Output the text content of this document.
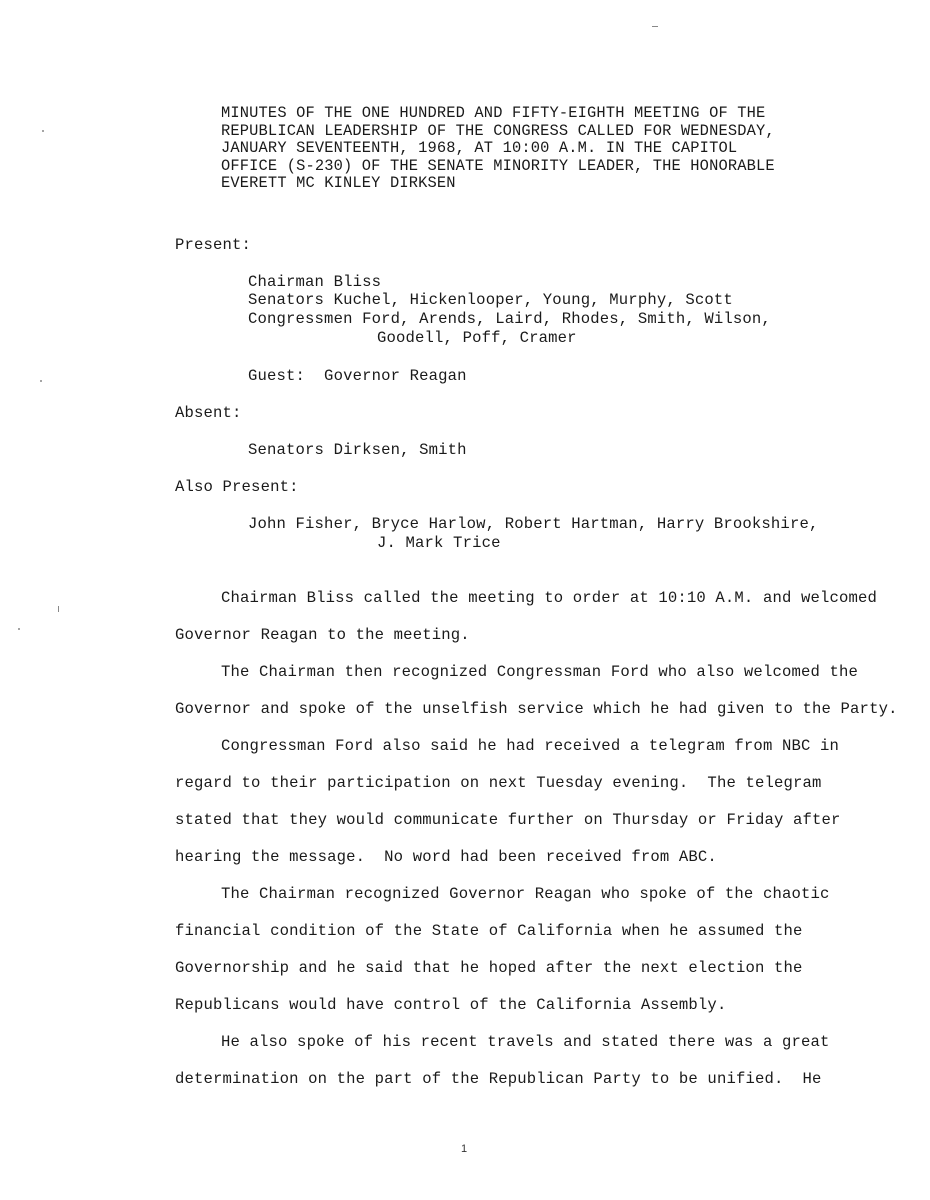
MINUTES OF THE ONE HUNDRED AND FIFTY-EIGHTH MEETING OF THE
REPUBLICAN LEADERSHIP OF THE CONGRESS CALLED FOR WEDNESDAY,
JANUARY SEVENTEENTH, 1968, AT 10:00 A.M. IN THE CAPITOL
OFFICE (S-230) OF THE SENATE MINORITY LEADER, THE HONORABLE
EVERETT MC KINLEY DIRKSEN
Present:
Chairman Bliss
Senators Kuchel, Hickenlooper, Young, Murphy, Scott
Congressmen Ford, Arends, Laird, Rhodes, Smith, Wilson,
Goodell, Poff, Cramer
Guest:  Governor Reagan
Absent:
Senators Dirksen, Smith
Also Present:
John Fisher, Bryce Harlow, Robert Hartman, Harry Brookshire,
J. Mark Trice
Chairman Bliss called the meeting to order at 10:10 A.M. and welcomed
Governor Reagan to the meeting.
The Chairman then recognized Congressman Ford who also welcomed the
Governor and spoke of the unselfish service which he had given to the Party.
Congressman Ford also said he had received a telegram from NBC in
regard to their participation on next Tuesday evening.  The telegram
stated that they would communicate further on Thursday or Friday after
hearing the message.  No word had been received from ABC.
The Chairman recognized Governor Reagan who spoke of the chaotic
financial condition of the State of California when he assumed the
Governorship and he said that he hoped after the next election the
Republicans would have control of the California Assembly.
He also spoke of his recent travels and stated there was a great
determination on the part of the Republican Party to be unified.  He
1
